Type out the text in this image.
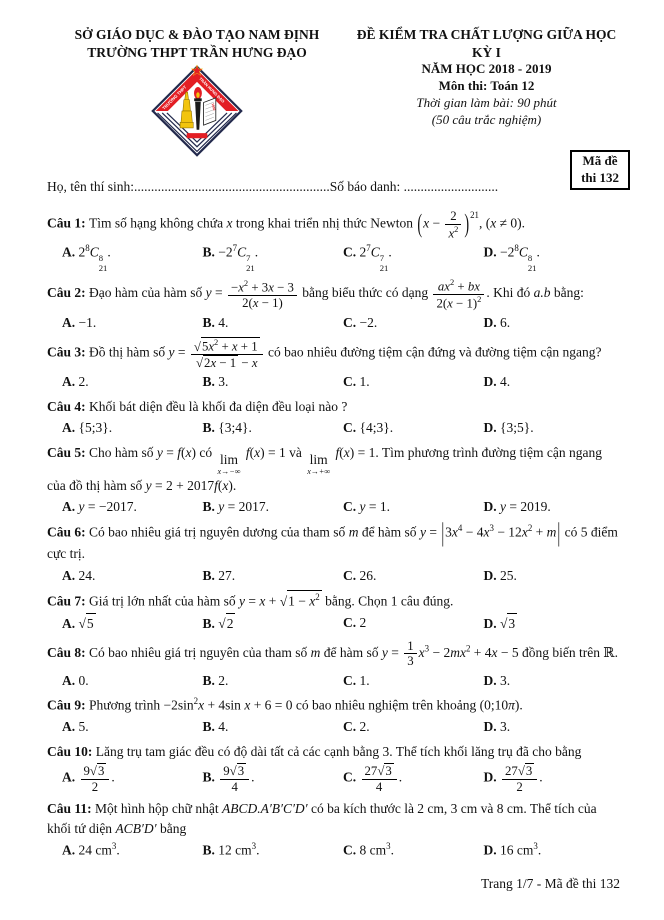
SỞ GIÁO DỤC & ĐÀO TẠO NAM ĐỊNH
TRƯỜNG THPT TRẦN HƯNG ĐẠO
TRƯỜNG THPT
TRẦN HƯNG ĐẠO
1956
ĐỀ KIỂM TRA CHẤT LƯỢNG GIỮA HỌC KỲ I
NĂM HỌC 2018 - 2019
Môn thi: Toán 12
Thời gian làm bài: 90 phút
(50 câu trắc nghiệm)
Mã đề
thi 132
Họ, tên thí sinh:..........................................................Số báo danh: ............................

Câu 1: Tìm số hạng không chứa x trong khai triển nhị thức Newton $(x - \frac{2}{x^2} )^{21}$, (x ≠ 0).

A. $2^8C$ 8
21
.	B. $-2^7C$ 7
21
.	C. $2^7C$ 7
21
.	D. $-2^8C$ 8
21
.

Câu 2: Đạo hàm của hàm số $y = \frac{-x^2 + 3x - 3}{2(x - 1)}$ bằng biểu thức có dạng $\frac{ax^2 + bx}{2(x - 1)^2}$ . Khi đó a.b bằng:

A. −1.	B. 4.	C. −2.	D. 6.

Câu 3: Đồ thị hàm số $y = \frac{√5x^2 + x + 1}{√2x - 1 - x}$ có bao nhiêu đường tiệm cận đứng và đường tiệm cận ngang?

A. 2.	B. 3.	C. 1.	D. 4.

Câu 4: Khối bát diện đều là khối đa diện đều loại nào ?

A. {5;3}.	B. {3;4}.	C. {4;3}.	D. {3;5}.

Câu 5: Cho hàm số y = f(x) có lim
x→−∞
f(x) = 1 và lim
x→+∞
f(x) = 1. Tìm phương trình đường tiệm cận ngang của đồ thị hàm số y = 2 + 2017f(x).

A. y = −2017.	B. y = 2017.	C. y = 1.	D. y = 2019.

Câu 6: Có bao nhiêu giá trị nguyên dương của tham số m để hàm số $y = |3x^4 - 4x^3 - 12x^2 + m|$ có 5 điểm cực trị.

A. 24.	B. 27.	C. 26.	D. 25.

Câu 7: Giá trị lớn nhất của hàm số $y = x + √1 - x^2$ bằng. Chọn 1 câu đúng.

A. √5	B. √2	C. 2	D. √3

Câu 8: Có bao nhiêu giá trị nguyên của tham số m để hàm số $y = \frac{1}{3} x^3 - 2mx^2 + 4x - 5$ đồng biến trên ℝ.

A. 0.	B. 2.	C. 1.	D. 3.

Câu 9: Phương trình $-2\sin^2x + 4\sin$ x + 6 = 0 có bao nhiêu nghiệm trên khoảng (0;10π).

A. 5.	B. 4.	C. 2.	D. 3.

Câu 10: Lăng trụ tam giác đều có độ dài tất cả các cạnh bằng 3. Thể tích khối lăng trụ đã cho bằng

A. $\frac{9√3}{2}$ .	B. $\frac{9√3}{4}$ .	C. $\frac{27√3}{4}$ .	D. $\frac{27√3}{2}$ .

Câu 11: Một hình hộp chữ nhật ABCD.A′B′C′D′ có ba kích thước là 2 cm, 3 cm và 8 cm. Thể tích của khối tứ diện ACB′D′ bằng

A. 24 $cm^3$.	B. 12 $cm^3$.	C. 8 $cm^3$.	D. 16 $cm^3$.
Trang 1/7 - Mã đề thi 132
